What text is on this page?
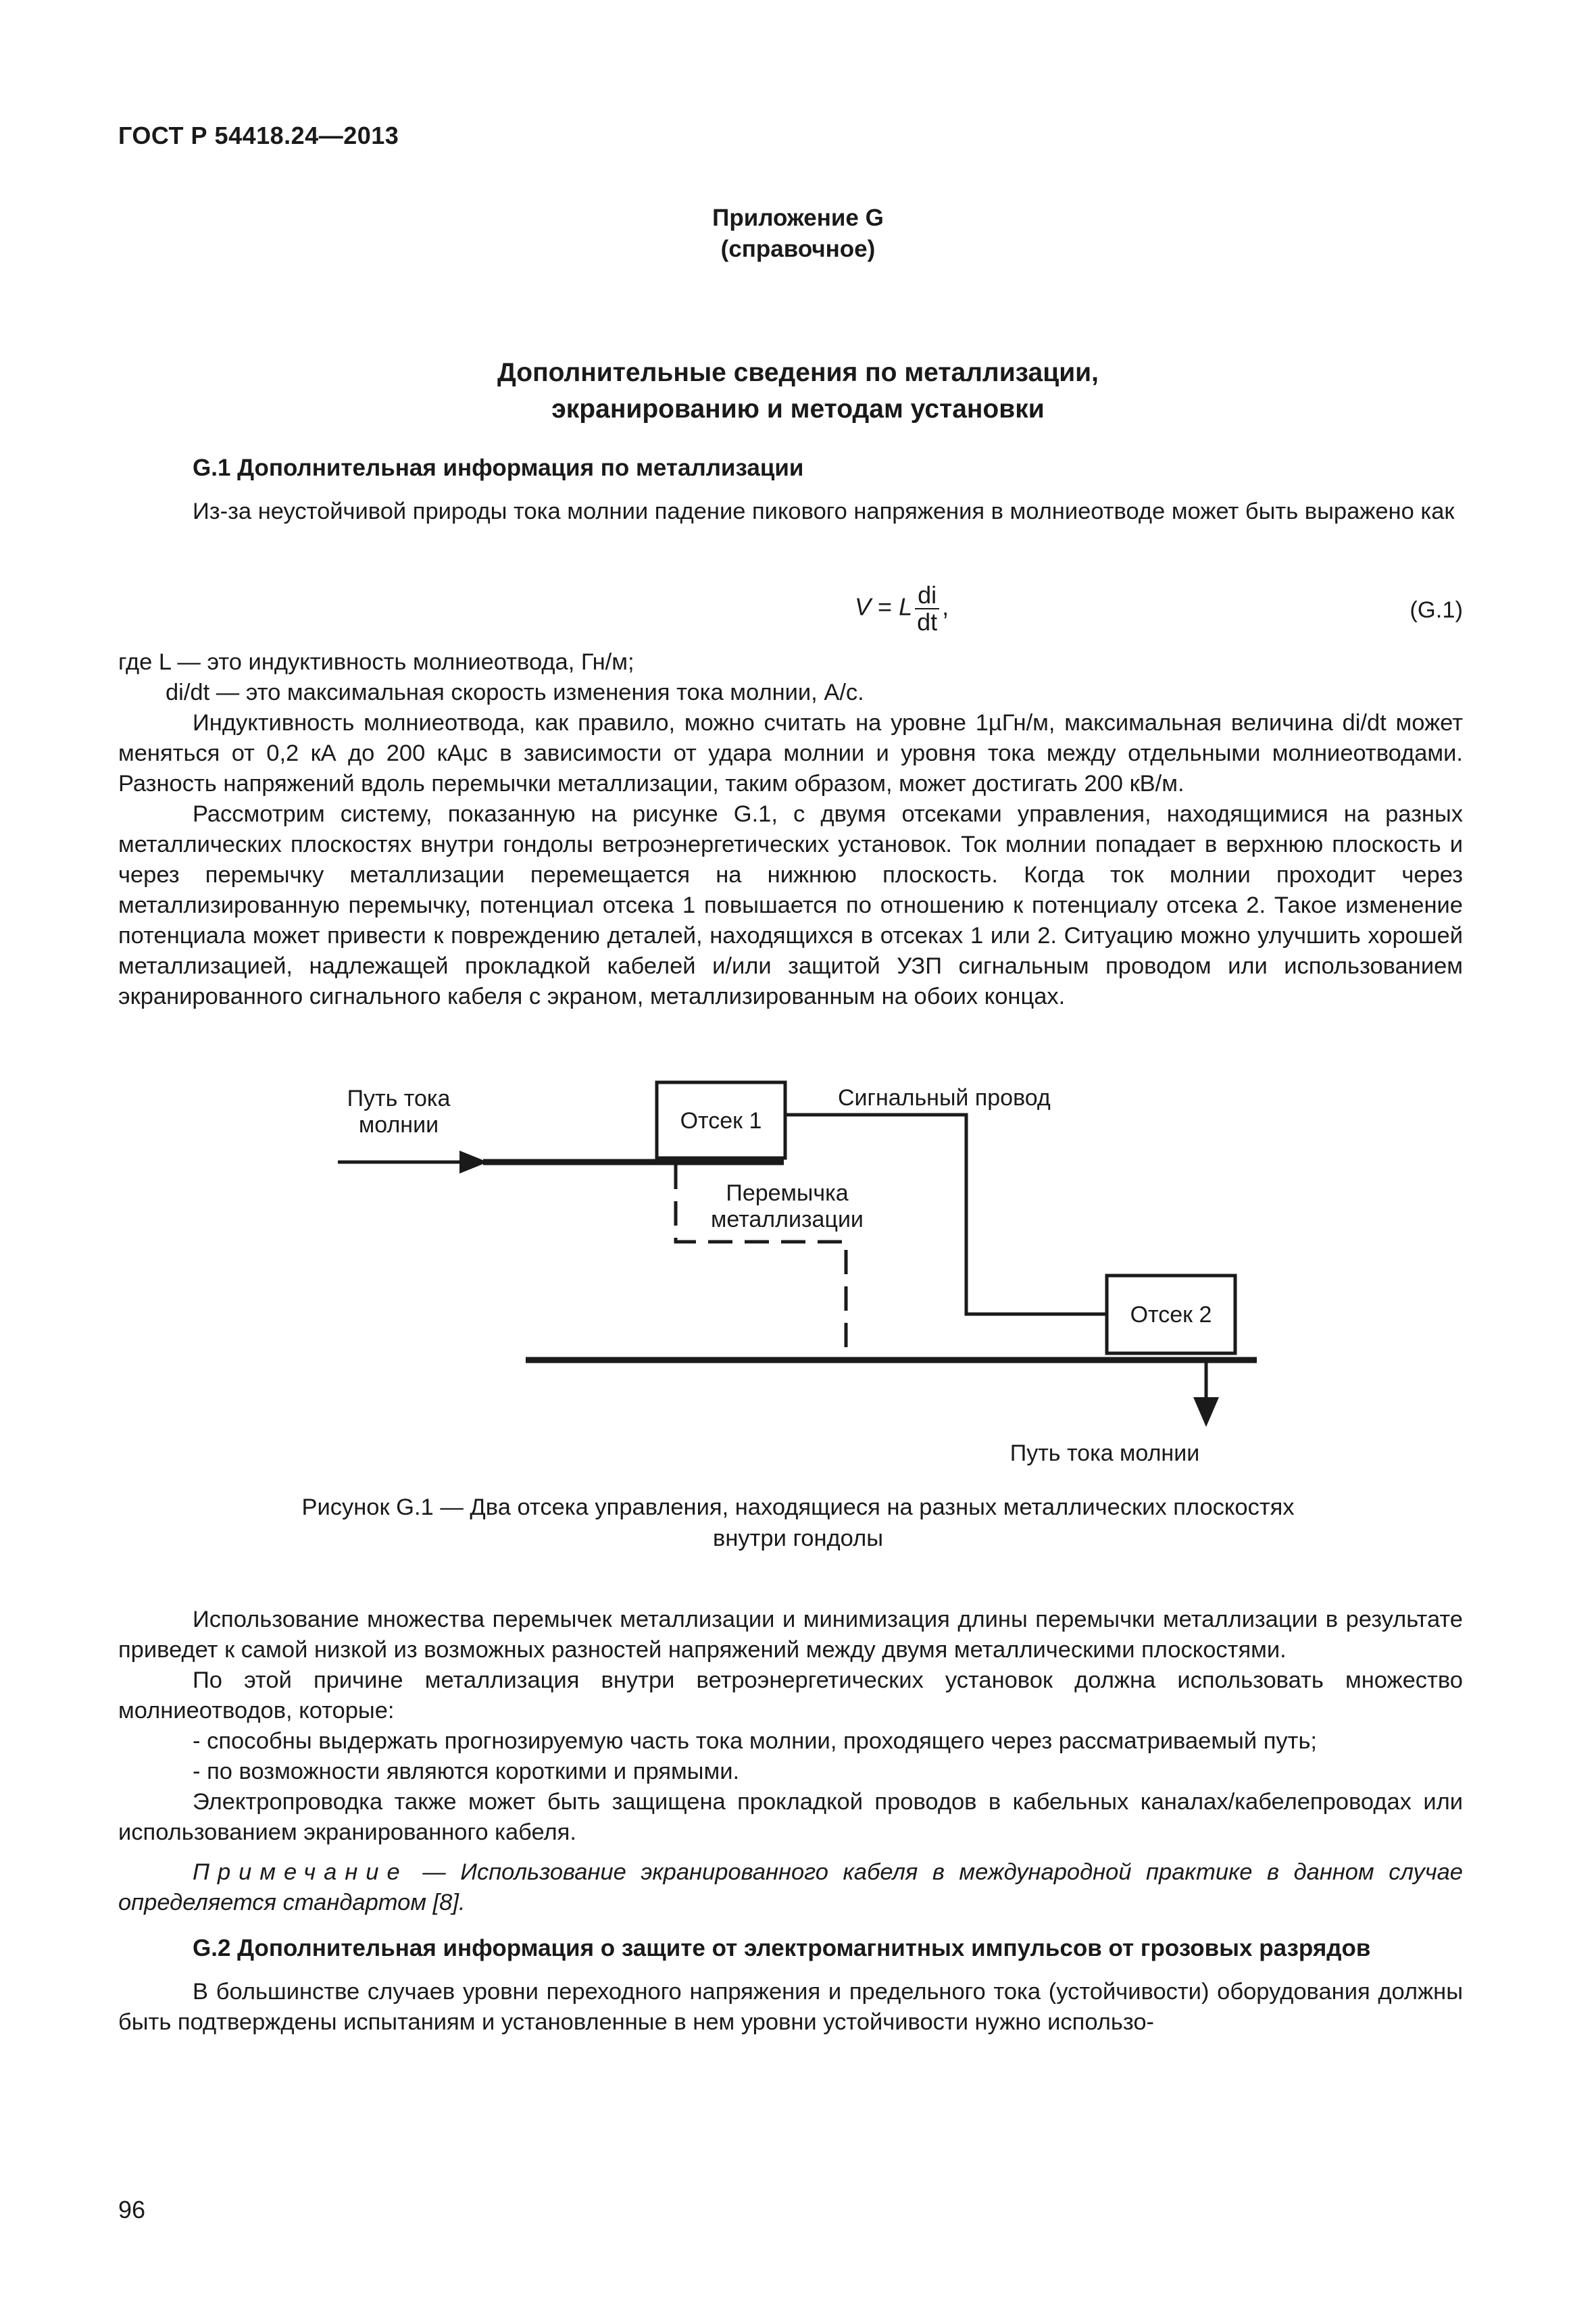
ГОСТ Р 54418.24—2013
Приложение G
(справочное)
Дополнительные сведения по металлизации,
экранированию и методам установки

G.1 Дополнительная информация по металлизации

Из-за неустойчивой природы тока молнии падение пикового напряжения в молниеотводе может быть выражено как

V = L $\frac{di}{dt}$ ,	(G.1)
где L — это индуктивность молниеотвода, Гн/м;
di/dt — это максимальная скорость изменения тока молнии, А/с.

Индуктивность молниеотвода, как правило, можно считать на уровне 1µГн/м, максимальная величина di/dt может меняться от 0,2 кА до 200 кАµс в зависимости от удара молнии и уровня тока между отдельными молниеотводами. Разность напряжений вдоль перемычки металлизации, таким образом, может достигать 200 кВ/м.

Рассмотрим систему, показанную на рисунке G.1, с двумя отсеками управления, находящимися на разных металлических плоскостях внутри гондолы ветроэнергетических установок. Ток молнии попадает в верхнюю плоскость и через перемычку металлизации перемещается на нижнюю плоскость. Когда ток молнии проходит через металлизированную перемычку, потенциал отсека 1 повышается по отношению к потенциалу отсека 2. Такое изменение потенциала может привести к повреждению деталей, находящихся в отсеках 1 или 2. Ситуацию можно улучшить хорошей металлизацией, надлежащей прокладкой кабелей и/или защитой УЗП сигнальным проводом или использованием экранированного сигнального кабеля с экраном, металлизированным на обоих концах.

Путь тока
молнии	Отсек 1
Сигнальный провод
Перемычка
металлизации
Отсек 2
Путь тока молнии
Рисунок G.1 — Два отсека управления, находящиеся на разных металлических плоскостях
внутри гондолы

Использование множества перемычек металлизации и минимизация длины перемычки металлизации в результате приведет к самой низкой из возможных разностей напряжений между двумя металлическими плоскостями.

По этой причине металлизация внутри ветроэнергетических установок должна использовать множество молниеотводов, которые:

- способны выдержать прогнозируемую часть тока молнии, проходящего через рассматриваемый путь;
- по возможности являются короткими и прямыми.

Электропроводка также может быть защищена прокладкой проводов в кабельных каналах/кабелепроводах или использованием экранированного кабеля.

Примечание — Использование экранированного кабеля в международной практике в данном случае определяется стандартом [8].

G.2 Дополнительная информация о защите от электромагнитных импульсов от грозовых разрядов

В большинстве случаев уровни переходного напряжения и предельного тока (устойчивости) оборудования должны быть подтверждены испытаниям и установленные в нем уровни устойчивости нужно использо-

96
